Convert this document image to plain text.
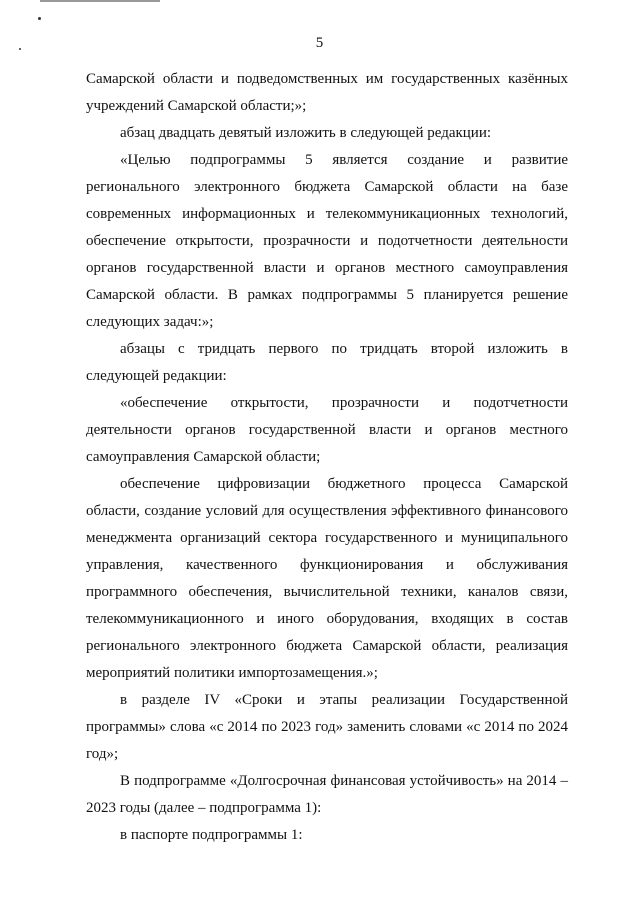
5

Самарской области и подведомственных им государственных казённых учреждений Самарской области;»;

абзац двадцать девятый изложить в следующей редакции:

«Целью подпрограммы 5 является создание и развитие регионального электронного бюджета Самарской области на базе современных информационных и телекоммуникационных технологий, обеспечение открытости, прозрачности и подотчетности деятельности органов государственной власти и органов местного самоуправления Самарской области. В рамках подпрограммы 5 планируется решение следующих задач:»;

абзацы с тридцать первого по тридцать второй изложить в следующей редакции:

«обеспечение открытости, прозрачности и подотчетности деятельности органов государственной власти и органов местного самоуправления Самарской области;

обеспечение цифровизации бюджетного процесса Самарской области, создание условий для осуществления эффективного финансового менеджмента организаций сектора государственного и муниципального управления, качественного функционирования и обслуживания программного обеспечения, вычислительной техники, каналов связи, телекоммуникационного и иного оборудования, входящих в состав регионального электронного бюджета Самарской области, реализация мероприятий политики импортозамещения.»;

в разделе IV «Сроки и этапы реализации Государственной программы» слова «с 2014 по 2023 год» заменить словами «с 2014 по 2024 год»;

В подпрограмме «Долгосрочная финансовая устойчивость» на 2014 – 2023 годы (далее – подпрограмма 1):

в паспорте подпрограммы 1:
